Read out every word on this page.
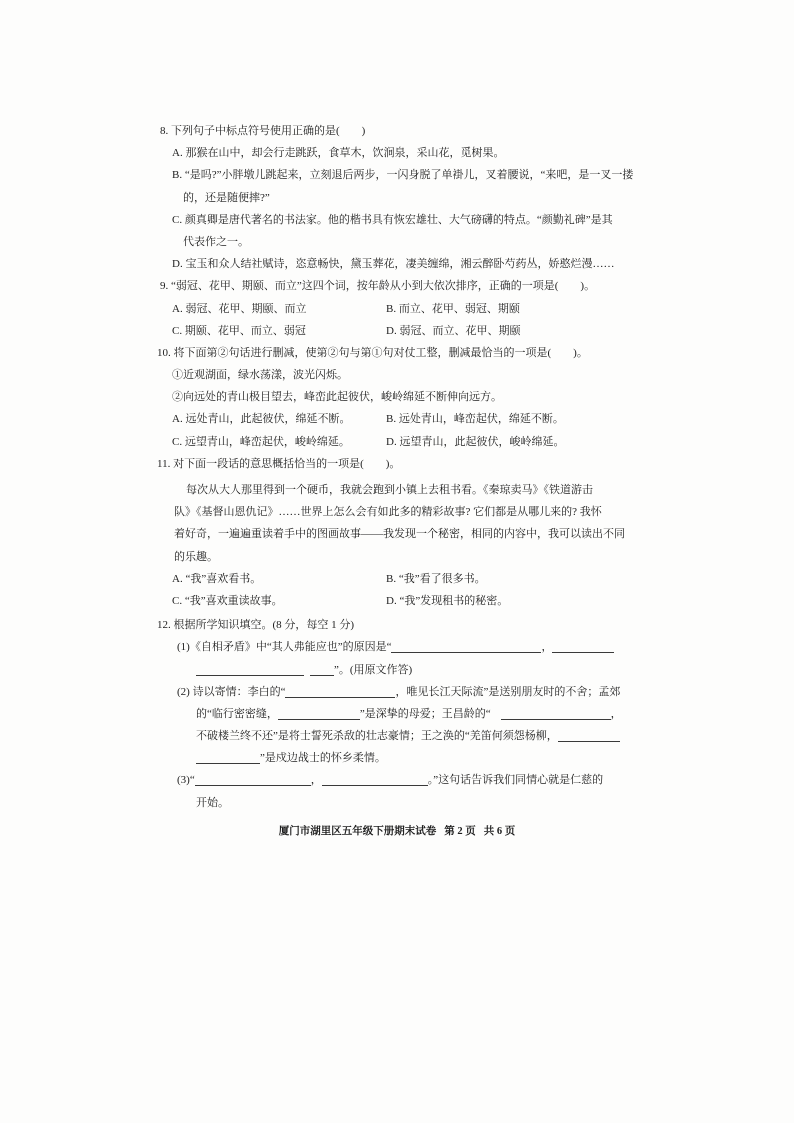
8. 下列句子中标点符号使用正确的是(　　)
A. 那猴在山中，却会行走跳跃，食草木，饮涧泉，采山花，觅树果。
B. “是吗?”小胖墩儿跳起来，立刻退后两步，一闪身脱了单褂儿，叉着腰说，“来吧，是一叉一搂
的，还是随便摔?”
C. 颜真卿是唐代著名的书法家。他的楷书具有恢宏雄壮、大气磅礴的特点。“颜勤礼碑”是其
代表作之一。
D. 宝玉和众人结社赋诗，恣意畅快，黛玉葬花，凄美缠绵，湘云醉卧芍药丛，娇憨烂漫……
9. “弱冠、花甲、期颐、而立”这四个词，按年龄从小到大依次排序，正确的一项是(　　)。
A. 弱冠、花甲、期颐、而立	B. 而立、花甲、弱冠、期颐
C. 期颐、花甲、而立、弱冠	D. 弱冠、而立、花甲、期颐
10. 将下面第②句话进行删减，使第②句与第①句对仗工整，删减最恰当的一项是(　　)。
①近观湖面，绿水荡漾，波光闪烁。
②向远处的青山极目望去，峰峦此起彼伏，峻岭绵延不断伸向远方。
A. 远处青山，此起彼伏，绵延不断。	B. 远处青山，峰峦起伏，绵延不断。
C. 远望青山，峰峦起伏，峻岭绵延。	D. 远望青山，此起彼伏，峻岭绵延。
11. 对下面一段话的意思概括恰当的一项是(　　)。
每次从大人那里得到一个硬币，我就会跑到小镇上去租书看。《秦琼卖马》《铁道游击
队》《基督山恩仇记》……世界上怎么会有如此多的精彩故事? 它们都是从哪儿来的? 我怀
着好奇，一遍遍重读着手中的图画故事——我发现一个秘密，相同的内容中，我可以读出不同
的乐趣。
A. “我”喜欢看书。	B. “我”看了很多书。
C. “我”喜欢重读故事。	D. “我”发现租书的秘密。
12. 根据所学知识填空。(8 分，每空 1 分)
(1)《自相矛盾》中“其人弗能应也”的原因是“	，
”。(用原文作答)
(2) 诗以寄情：李白的“	，唯见长江天际流”是送别朋友时的不舍；孟郊
的“临行密密缝，	”是深挚的母爱；王昌龄的“	，
不破楼兰终不还”是将士誓死杀敌的壮志豪情；王之涣的“羌笛何须怨杨柳，
”是戍边战士的怀乡柔情。
(3)“	，	。”这句话告诉我们同情心就是仁慈的
开始。
厦门市湖里区五年级下册期末试卷 第 2 页 共 6 页
